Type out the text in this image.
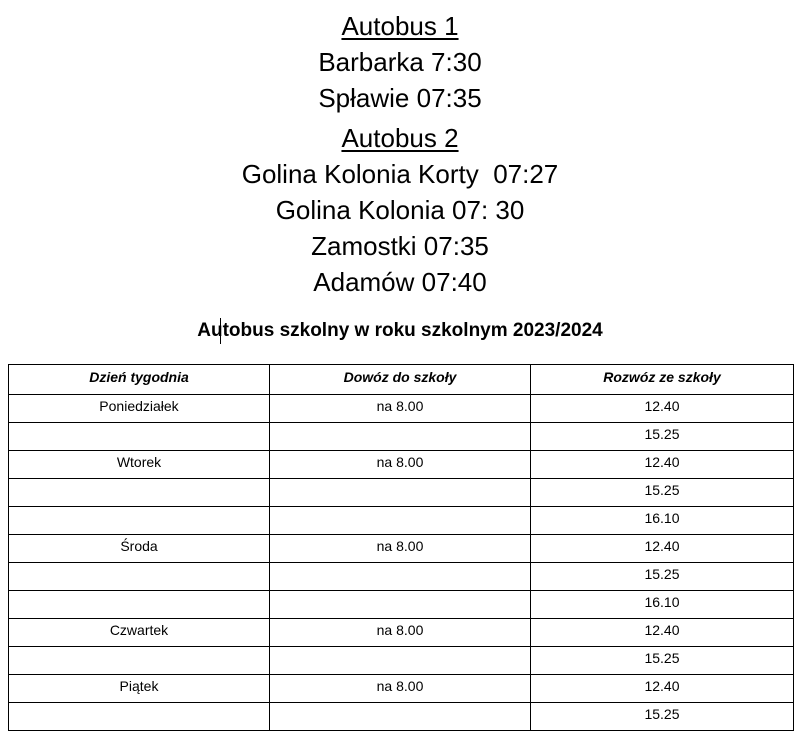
Autobus 1
Barbarka 7:30
Spławie 07:35
Autobus 2
Golina Kolonia Korty  07:27
Golina Kolonia 07: 30
Zamostki 07:35
Adamów 07:40
Autobus szkolny w roku szkolnym 2023/2024
Dzień tygodnia	Dowóz do szkoły	Rozwóz ze szkoły
Poniedziałek	na 8.00	12.40
		15.25
Wtorek	na 8.00	12.40
		15.25
		16.10
Środa	na 8.00	12.40
		15.25
		16.10
Czwartek	na 8.00	12.40
		15.25
Piątek	na 8.00	12.40
		15.25
